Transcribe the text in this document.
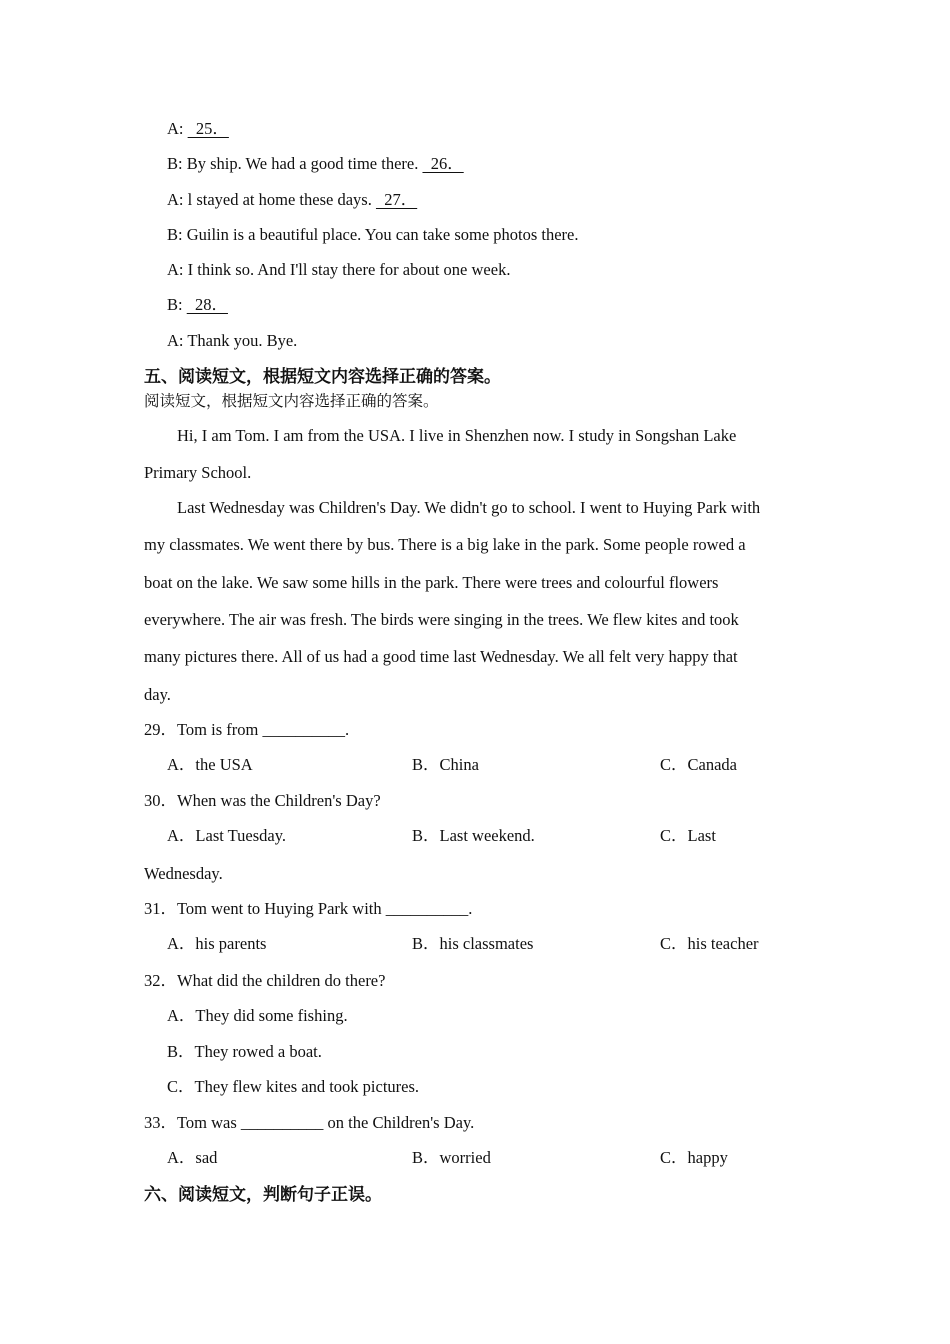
A:   25．
B: By ship. We had a good time there.   26．
A: l stayed at home these days.   27．
B: Guilin is a beautiful place. You can take some photos there.
A: I think so. And I'll stay there for about one week.
B:   28．
A: Thank you. Bye.
五、阅读短文，根据短文内容选择正确的答案。
阅读短文，根据短文内容选择正确的答案。
Hi, I am Tom. I am from the USA. I live in Shenzhen now. I study in Songshan Lake
Primary School.
Last Wednesday was Children's Day. We didn't go to school. I went to Huying Park with
my classmates. We went there by bus. There is a big lake in the park. Some people rowed a
boat on the lake. We saw some hills in the park. There were trees and colourful flowers
everywhere. The air was fresh. The birds were singing in the trees. We flew kites and took
many pictures there. All of us had a good time last Wednesday. We all felt very happy that
day.
29．Tom is from __________.
A．the USA	B．China	C．Canada
30．When was the Children's Day?
A．Last Tuesday.	B．Last weekend.	C．Last
Wednesday.
31．Tom went to Huying Park with __________.
A．his parents	B．his classmates	C．his teacher
32．What did the children do there?
A．They did some fishing.
B．They rowed a boat.
C．They flew kites and took pictures.
33．Tom was __________ on the Children's Day.
A．sad	B．worried	C．happy
六、阅读短文，判断句子正误。
